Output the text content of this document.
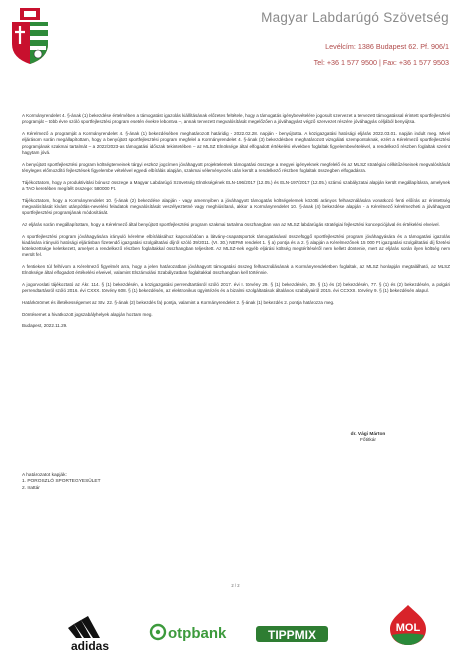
Magyar Labdarúgó Szövetség
Levélcím: 1386 Budapest 62. Pf. 906/1
Tel: +36 1 577 9500 | Fax: +36 1 577 9503

A Kormányrendelet 4. §-ának (1) bekezdése értelmében a támogatást igazolás kiállításának előzetes feltétele, hogy a támogatás igénybevételére jogosult szervezet a tervezett támogatással érintett sportfejlesztési programját – több évre szóló sportfejlesztési program esetén évekre lebontva –, annak tervezett megvalósítását megelőzően a jóváhagyást végző szervezet részére jóváhagyás céljából benyújtsa.

A Kérelmező a programját a Kormányrendelet 4. §-ának (1) bekezdésében meghatározott határidig - 2022.02.28. napján - benyújtotta. A közigazgatási hatósági eljárás 2022.03.01. napján indult meg. Mivel eljárásom során megállapítottam, hogy a benyújtott sportfejlesztési program megfelel a Kormányrendelet 4. §-ának (3) bekezdésben meghatározott vizsgálati szempontoknak, ezért a Kérelmező sportfejlesztési programjának szakmai tartalmát – a 2022/2023-as támogatási időszak tekintetében – az MLSZ Elnöksége által elfogadott értékelési elvekben foglaltak figyelembevételével, a rendelkező részben foglaltak szerint hagytam jóvá.

A benyújtott sportfejlesztési program költségterveinek tárgyi eszköz jogcímen jóváhagyott projektelemek támogatási összege a megyei igényeknek megfelelő és az MLSZ stratégiai célkitűzéseinek megvalósítását tényleges előmozdító fejlesztések figyelembe vételével egyedi elbírálás alapján, szakmai véleményezés után került a rendelkező részben foglaltak összegben elfogadásra.

Tájékoztatom, hogy a produktivitási bónusz összege a Magyar Labdarúgó Szövetség Elnökségének ELN-196/2017 (12.05.) és ELN-197/2017 (12.05.) számú szabályzatai alapján került megállapításra, amelynek a TAO keretében megítélt összege: 580000 Ft.

Tájékoztatom, hogy a Kormányrendelet 10. §-ának (2) bekezdése alapján - vagy amennyiben a jóváhagyott támogatás költségelemek közötti arányos felhasználására vonatkozó fenti előírás az érintettség megvalósítását kívánt utánpótlás-nevelési feladatok megvalósítását veszélyeztetné vagy meghiúsítaná, akkor a Kormányrendelet 10. §-ának (4) bekezdése alapján - a Kérelmező kérelmezheti a jóváhagyott sportfejlesztési programjának módosítását.

Az eljárás során megállapítottam, hogy a Kérelmező által benyújtott sportfejlesztési program szakmai tartalma összhangban van az MLSZ labdarúgás stratégiai fejlesztési koncepciójával és értékelési elveivel.

A sportfejlesztési program jóváhagyására irányuló kérelme elbírálásához kapcsolódóan a látvány-csapatsportok támogatásával összefüggő sportfejlesztési program jóváhagyására és a támogatási igazolás kiadására irányuló hatósági eljárásban fizetendő igazgatási szolgáltatási díjról szóló 39/2011. (VI. 30.) NEFMI rendelet 1. § a) pontja és a 2. § alapján a Kérelmezőnek 15 000 Ft igazgatási szolgáltatási díj fizetési kötelezettsége keletkezett, amelyet a rendelkező részben foglaltakkal összhangban teljesített. Az MLSZ-nek egyéb eljárási költség megtérítéséről nem kellett döntenie, mert az eljárás során ilyen költség nem merült fel.

A fentieken túl felhívom a Kérelmező figyelmét arra, hogy a jelen határozatban jóváhagyott támogatási összeg felhasználásának a Kormányrendeletben foglaltak, az MLSZ honlapján megtalálható, az MLSZ Elnöksége által elfogadott értékelési elveivel, valamint Elszámolási Szabályzatban foglaltakkal összhangban kell történnie.

A jogorvoslati tájékoztató az Ákr. 114. § (1) bekezdésén, a közigazgatási perrendtartásról szóló 2017. évi I. törvény 29. § (1) bekezdésén, 39. § (1) és (2) bekezdésén, 77. § (1) és (2) bekezdésén, a polgári perrendtartásról szóló 2016. évi CXXX. törvény 608. § (1) bekezdésén, az elektronikus ügyintézés és a bizalmi szolgáltatások általános szabályairól 2015. évi CCXXII. törvény 9. § (1) bekezdésén alapul.

Határkörömet és illetékességemet az Stv. 22. §-ának (2) bekezdés fa) pontja, valamint a Kormányrendelet 2. §-ának (1) bekezdés 2. pontja határozza meg.

Döntésemet a hivatkozott jogszabályhelyek alapján hoztam meg.

Budapest, 2022.11.29.

dr. Vági Márton
Főtitkár
A határozatot kapják:
1. POROSZLÓ SPORTEGYESÜLET
2. Irattár
2 / 2
adidas
otpbank	TIPPMIX	MOL
